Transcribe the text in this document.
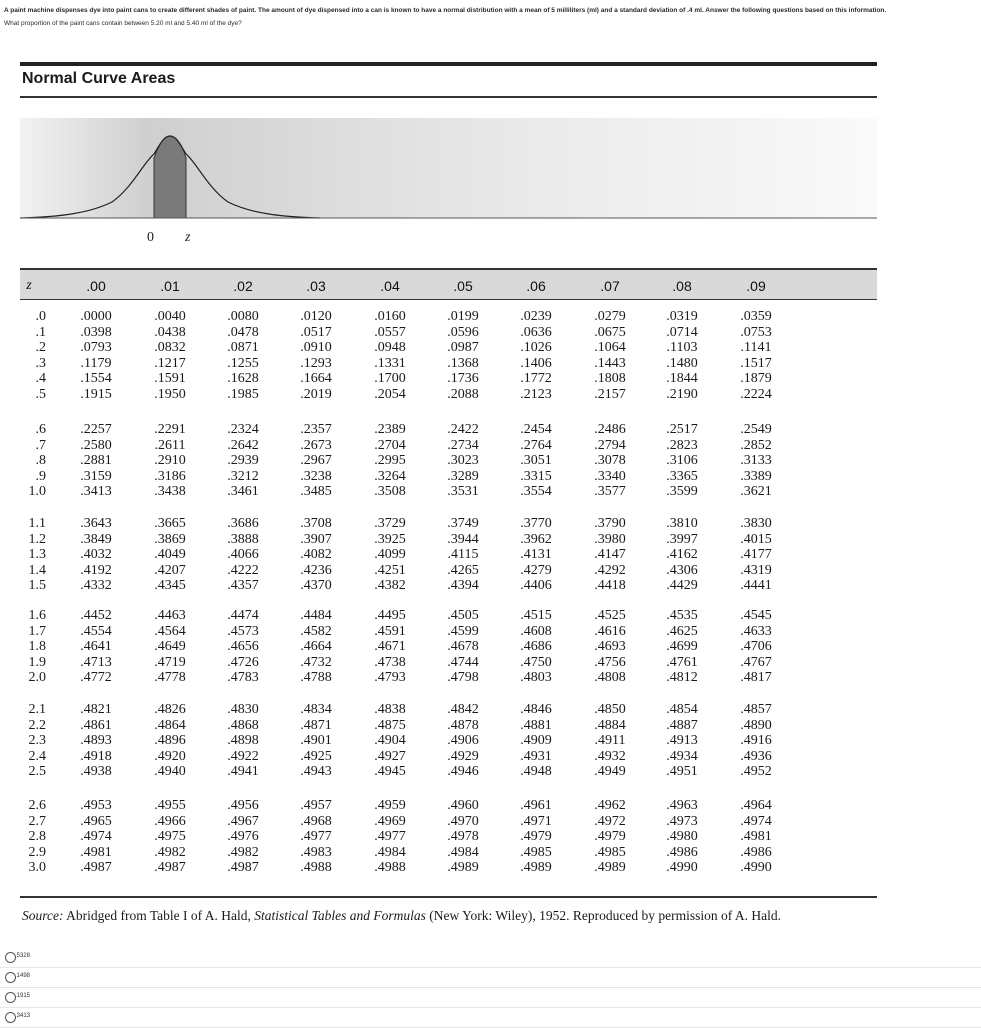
A paint machine dispenses dye into paint cans to create different shades of paint. The amount of dye dispensed into a can is known to have a normal distribution with a mean of 5 milliliters (ml) and a standard deviation of .4 ml. Answer the following questions based on this information.
What proportion of the paint cans contain between 5.20 ml and 5.40 ml of the dye?
Normal Curve Areas
0 z
z	.00	.01	.02	.03	.04	.05	.06	.07	.08	.09
.0	.0000	.0040	.0080	.0120	.0160	.0199	.0239	.0279	.0319	.0359
.1	.0398	.0438	.0478	.0517	.0557	.0596	.0636	.0675	.0714	.0753
.2	.0793	.0832	.0871	.0910	.0948	.0987	.1026	.1064	.1103	.1141
.3	.1179	.1217	.1255	.1293	.1331	.1368	.1406	.1443	.1480	.1517
.4	.1554	.1591	.1628	.1664	.1700	.1736	.1772	.1808	.1844	.1879
.5	.1915	.1950	.1985	.2019	.2054	.2088	.2123	.2157	.2190	.2224
.6	.2257	.2291	.2324	.2357	.2389	.2422	.2454	.2486	.2517	.2549
.7	.2580	.2611	.2642	.2673	.2704	.2734	.2764	.2794	.2823	.2852
.8	.2881	.2910	.2939	.2967	.2995	.3023	.3051	.3078	.3106	.3133
.9	.3159	.3186	.3212	.3238	.3264	.3289	.3315	.3340	.3365	.3389
1.0	.3413	.3438	.3461	.3485	.3508	.3531	.3554	.3577	.3599	.3621
1.1	.3643	.3665	.3686	.3708	.3729	.3749	.3770	.3790	.3810	.3830
1.2	.3849	.3869	.3888	.3907	.3925	.3944	.3962	.3980	.3997	.4015
1.3	.4032	.4049	.4066	.4082	.4099	.4115	.4131	.4147	.4162	.4177
1.4	.4192	.4207	.4222	.4236	.4251	.4265	.4279	.4292	.4306	.4319
1.5	.4332	.4345	.4357	.4370	.4382	.4394	.4406	.4418	.4429	.4441
1.6	.4452	.4463	.4474	.4484	.4495	.4505	.4515	.4525	.4535	.4545
1.7	.4554	.4564	.4573	.4582	.4591	.4599	.4608	.4616	.4625	.4633
1.8	.4641	.4649	.4656	.4664	.4671	.4678	.4686	.4693	.4699	.4706
1.9	.4713	.4719	.4726	.4732	.4738	.4744	.4750	.4756	.4761	.4767
2.0	.4772	.4778	.4783	.4788	.4793	.4798	.4803	.4808	.4812	.4817
2.1	.4821	.4826	.4830	.4834	.4838	.4842	.4846	.4850	.4854	.4857
2.2	.4861	.4864	.4868	.4871	.4875	.4878	.4881	.4884	.4887	.4890
2.3	.4893	.4896	.4898	.4901	.4904	.4906	.4909	.4911	.4913	.4916
2.4	.4918	.4920	.4922	.4925	.4927	.4929	.4931	.4932	.4934	.4936
2.5	.4938	.4940	.4941	.4943	.4945	.4946	.4948	.4949	.4951	.4952
2.6	.4953	.4955	.4956	.4957	.4959	.4960	.4961	.4962	.4963	.4964
2.7	.4965	.4966	.4967	.4968	.4969	.4970	.4971	.4972	.4973	.4974
2.8	.4974	.4975	.4976	.4977	.4977	.4978	.4979	.4979	.4980	.4981
2.9	.4981	.4982	.4982	.4983	.4984	.4984	.4985	.4985	.4986	.4986
3.0	.4987	.4987	.4987	.4988	.4988	.4989	.4989	.4989	.4990	.4990
Source: Abridged from Table I of A. Hald, Statistical Tables and Formulas (New York: Wiley), 1952. Reproduced by permission of A. Hald.
.5328
.1498
.1915
.3413
